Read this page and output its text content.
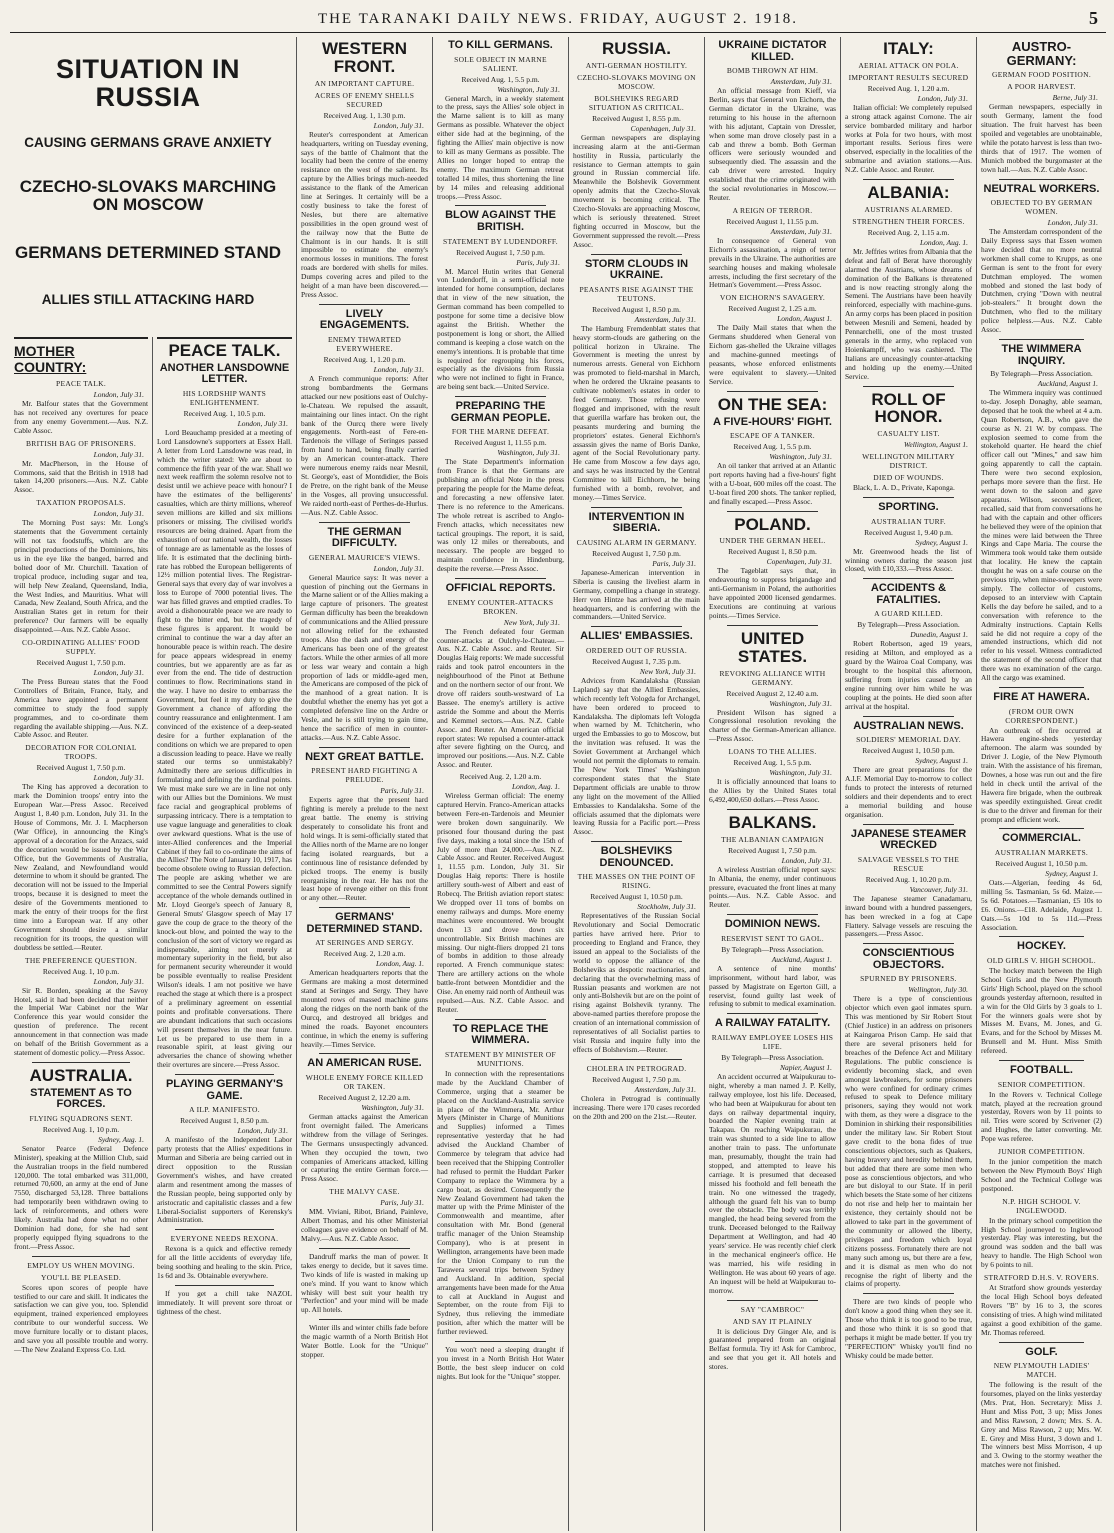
THE TARANAKI DAILY NEWS. FRIDAY, AUGUST 2. 1918.	5
SITUATION IN RUSSIA
CAUSING GERMANS GRAVE ANXIETY
CZECHO-SLOVAKS MARCHING ON MOSCOW
GERMANS DETERMINED STAND
ALLIES STILL ATTACKING HARD
MOTHER COUNTRY:
PEACE TALK.
London, July 31.

Mr. Balfour states that the Government has not received any overtures for peace from any enemy Government.—Aus. N.Z. Cable Assoc.

BRITISH BAG OF PRISONERS.
London, July 31.

Mr. MacPherson, in the House of Commons, said that the British in 1918 had taken 14,200 prisoners.—Aus. N.Z. Cable Assoc.

TAXATION PROPOSALS.
London, July 31.

The Morning Post says: Mr. Long's statements that the Government certainly will not tax foodstuffs, which are the principal productions of the Dominions, hits us in the eye like the banged, barred and bolted door of Mr. Churchill. Taxation of tropical produce, including sugar and tea, will help New Zealand, Queensland, India, the West Indies, and Mauritius. What will Canada, New Zealand, South Africa, and the Australian States get in return for their preference? Our farmers will be equally disappointed.—Aus. N.Z. Cable Assoc.

CO-ORDINATING ALLIES' FOOD SUPPLY.
Received August 1, 7.50 p.m.
London, July 31.

The Press Bureau states that the Food Controllers of Britain, France, Italy, and America have appointed a permanent committee to study the food supply programmes, and to co-ordinate them regarding the available shipping.—Aus. N.Z. Cable Assoc. and Reuter.

DECORATION FOR COLONIAL TROOPS.
Received August 1, 7.50 p.m.
London, July 31.

The King has approved a decoration to mark the Dominion troops' entry into the European War.—Press Assoc. Received August 1, 8.40 p.m. London, July 31. In the House of Commons, Mr. J. I. Macpherson (War Office), in announcing the King's approval of a decoration for the Anzacs, said the decoration would be issued by the War Office, but the Governments of Australia, New Zealand, and Newfoundland would determine to whom it should be granted. The decoration will not be issued to the Imperial troops, because it is designed to meet the desire of the Governments mentioned to mark the entry of their troops for the first time into a European war. If any other Government should desire a similar recognition for its troops, the question will doubtless be settled.—Reuter.

THE PREFERENCE QUESTION.
Received Aug. 1, 10 p.m.
London, July 31.

Sir R. Borden, speaking at the Savoy Hotel, said it had been decided that neither the Imperial War Cabinet nor the War Conference this year would consider the question of preference. The recent announcement in that connection was made on behalf of the British Government as a statement of domestic policy.—Press Assoc.

AUSTRALIA.
STATEMENT AS TO FORCES.
FLYING SQUADRONS SENT.
Received Aug. 1, 10 p.m.
Sydney, Aug. 1.

Senator Pearce (Federal Defence Minister), speaking at the Million Club, said the Australian troops in the field numbered 120,000. The total embarked was 311,000, returned 70,600, an army at the end of June 7550, discharged 53,128. Three battalions had temporarily been withdrawn owing to lack of reinforcements, and others were likely. Australia had done what no other Dominion had done, for she had sent properly equipped flying squadrons to the front.—Press Assoc.

EMPLOY US WHEN MOVING.
YOU'LL BE PLEASED.

Scores upon scores of people have testified to our care and skill. It indicates the satisfaction we can give you, too. Splendid equipment, trained experienced employees contribute to our wonderful success. We move furniture locally or to distant places, and save you all possible trouble and worry.—The New Zealand Express Co. Ltd.

PEACE TALK.
ANOTHER LANSDOWNE LETTER.
HIS LORDSHIP WANTS ENLIGHTENMENT.
Received Aug. 1, 10.5 p.m.
London, July 31.

Lord Beauchamp presided at a meeting of Lord Lansdowne's supporters at Essex Hall. A letter from Lord Lansdowne was read, in which the writer stated: We are about to commence the fifth year of the war. Shall we next week reaffirm the solemn resolve not to desist until we achieve peace with honour? I have the estimates of the belligerents' casualties, which are thirty millions, whereof seven millions are killed and six millions prisoners or missing. The civilised world's resources are being drained. Apart from the exhaustion of our national wealth, the losses of tonnage are as lamentable as the losses of life. It is estimated that the declining birth-rate has robbed the European belligerents of 12½ million potential lives. The Registrar-General says that every day of war involves a loss to Europe of 7000 potential lives. The war has filled graves and emptied cradles. To avoid a dishonourable peace we are ready to fight to the bitter end, but the tragedy of these figures is apparent. It would be criminal to continue the war a day after an honourable peace is within reach. The desire for peace appears widespread in enemy countries, but we apparently are as far as ever from the end. The tide of destruction continues to flow. Recriminations stand in the way. I have no desire to embarrass the Government, but feel it my duty to give the Government a chance of affording the country reassurance and enlightenment. I am convinced of the existence of a deep-seated desire for a further explanation of the conditions on which we are prepared to open a discussion leading to peace. Have we really stated our terms so unmistakably? Admittedly there are serious difficulties in formulating and defining the cardinal points. We must make sure we are in line not only with our Allies but the Dominions. We must face racial and geographical problems of surpassing intricacy. There is a temptation to use vague language and generalities to cloak over awkward questions. What is the use of inter-Allied conferences and the Imperial Cabinet if they fail to co-ordinate the aims of the Allies? The Note of January 10, 1917, has become obsolete owing to Russian defection. The people are asking whether we are committed to see the Central Powers signify acceptance of the whole demands outlined in Mr. Lloyd George's speech of January 8, General Smuts' Glasgow speech of May 17 gave the coup de grace to the theory of the knock-out blow, and pointed the way to the conclusion of the sort of victory we regard as indispensable, aiming not merely at momentary superiority in the field, but also for permanent security whereunder it would be possible eventually to realise President Wilson's ideals. I am not positive we have reached the stage at which there is a prospect of a preliminary agreement on essential points and profitable conversations. There are abundant indications that such occasions will present themselves in the near future. Let us be prepared to use them in a reasonable spirit, at least giving our adversaries the chance of showing whether their overtures are sincere.—Press Assoc.

PLAYING GERMANY'S GAME.
A ILP. MANIFESTO.
Received August 1, 8.50 p.m.
London, July 31.

A manifesto of the Independent Labor party protests that the Allies' expeditions in Murman and Siberia are being carried out in direct opposition to the Russian Government's wishes, and have created alarm and resentment among the masses of the Russian people, being supported only by aristocratic and capitalistic classes and a few Liberal-Socialist supporters of Kerensky's Administration.

EVERYONE NEEDS REXONA.

Rexona is a quick and effective remedy for all the little accidents of everyday life, being soothing and healing to the skin. Price, 1s 6d and 3s. Obtainable everywhere.

If you get a chill take NAZOL immediately. It will prevent sore throat or tightness of the chest.

WESTERN FRONT.
AN IMPORTANT CAPTURE.
ACRES OF ENEMY SHELLS SECURED
Received Aug. 1, 1.30 p.m.
London, July 31.

Reuter's correspondent at American headquarters, writing on Tuesday evening, says of the battle of Chalmont that the locality had been the centre of the enemy resistance on the west of the salient. Its capture by the Allies brings much-needed assistance to the flank of the American line at Seringes. It certainly will be a costly business to take the forest of Nesles, but there are alternative possibilities in the open ground west of the railway now that the Butte de Chalmont is in our hands. It is still impossible to estimate the enemy's enormous losses in munitions. The forest roads are bordered with shells for miles. Dumps covering acres and piled to the height of a man have been discovered.—Press Assoc.

LIVELY ENGAGEMENTS.
ENEMY THWARTED EVERYWHERE.
Received Aug. 1, 1.20 p.m.
London, July 31.

A French communique reports: After strong bombardments the Germans attacked our new positions east of Oulchy-le-Chateau. We repulsed the assault, maintaining our lines intact. On the right bank of the Ourcq there were lively engagements. North-east of Fere-en-Tardenois the village of Seringes passed from hand to hand, being finally carried by an American counter-attack. There were numerous enemy raids near Mesnil, St. George's, east of Montdidier, the Bois de Pretre, on the right bank of the Meuse in the Vosges, all proving unsuccessful. We raided north-east of Perthes-de-Hurlus.—Aus. N.Z. Cable Assoc.

THE GERMAN DIFFICULTY.
GENERAL MAURICE'S VIEWS.
London, July 31.

General Maurice says: It was never a question of pinching out the Germans in the Marne salient or of the Allies making a large capture of prisoners. The greatest German difficulty has been the breakdown of communications and the Allied pressure not allowing relief for the exhausted troops. Also the dash and energy of the Americans has been one of the greatest factors. While the other armies of all more or less war weary and contain a high proportion of lads or middle-aged men, the Americans are composed of the pick of the manhood of a great nation. It is doubtful whether the enemy has yet got a completed defensive line on the Ardre or Vesle, and he is still trying to gain time, hence the sacrifice of men in counter-attacks.—Aus. N.Z. Cable Assoc.

NEXT GREAT BATTLE.
PRESENT HARD FIGHTING A PRELUDE.
Paris, July 31.

Experts agree that the present hard fighting is merely a prelude to the next great battle. The enemy is striving desperately to consolidate his front and hold wings. It is semi-officially stated that the Allies north of the Marne are no longer facing isolated rearguards, but a continuous line of resistance defended by picked troops. The enemy is busily reorganising in the rear. He has not the least hope of revenge either on this front or any other.—Reuter.

GERMANS' DETERMINED STAND.
AT SERINGES AND SERGY.
Received Aug. 2, 1.20 a.m.
London, Aug. 1.

American headquarters reports that the Germans are making a most determined stand at Seringes and Sergy. They have mounted rows of massed machine guns along the ridges on the north bank of the Ourcq, and destroyed all bridges and mined the roads. Bayonet encounters continue, in which the enemy is suffering heavily.—Times Service.

AN AMERICAN RUSE.
WHOLE ENEMY FORCE KILLED OR TAKEN.
Received August 2, 12.20 a.m.
Washington, July 31.

German attacks against the American front overnight failed. The Americans withdrew from the village of Seringes. The Germans unsuspectingly advanced. When they occupied the town, two companies of Americans attacked, killing or capturing the entire German force.—Press Assoc.

THE MALVY CASE.
Paris, July 31.

MM. Viviani, Ribot, Briand, Painleve, Albert Thomas, and his other Ministerial colleagues gave evidence on behalf of M. Malvy.—Aus. N.Z. Cable Assoc.

Dandruff marks the man of power. It takes energy to decide, but it saves time. Two kinds of life is wasted in making up one's mind. If you want to know which whisky will best suit your health try "Perfection" and your mind will be made up. All hotels.

Winter ills and winter chills fade before the magic warmth of a North British Hot Water Bottle. Look for the "Unique" stopper.

TO KILL GERMANS.
SOLE OBJECT IN MARNE SALIENT.
Received Aug. 1, 5.5 p.m.
Washington, July 31.

General March, in a weekly statement to the press, says the Allies' sole object in the Marne salient is to kill as many Germans as possible. Whatever the object either side had at the beginning, of the fighting the Allies' main objective is now to kill as many Germans as possible. The Allies no longer hoped to entrap the enemy. The maximum German retreat totalled 14 miles, thus shortening the line by 14 miles and releasing additional troops.—Press Assoc.

BLOW AGAINST THE BRITISH.
STATEMENT BY LUDENDORFF.
Received August 1, 7.50 p.m.
Paris, July 31.

M. Marcel Hutin writes that General von Ludendorff, in a semi-official note intended for home consumption, declares that in view of the new situation, the German command has been compelled to postpone for some time a decisive blow against the British. Whether the postponement is long or short, the Allied command is keeping a close watch on the enemy's intentions. It is probable that time is required for regrouping his forces, especially as the divisions from Russia who were not inclined to fight in France, are being sent back.—United Service.

PREPARING THE GERMAN PEOPLE.
FOR THE MARNE DEFEAT.
Received August 1, 11.55 p.m.
Washington, July 31.

The State Department's information from France is that the Germans are publishing an official Note in the press preparing the people for the Marne defeat, and forecasting a new offensive later. There is no reference to the Americans. The whole retreat is ascribed to Anglo-French attacks, which necessitates new tactical groupings. The report, it is said, was only 12 miles or thereabouts, and necessary. The people are begged to maintain confidence in Hindenburg, despite the reverse.—Press Assoc.

OFFICIAL REPORTS.
ENEMY COUNTER-ATTACKS BROKEN.
New York, July 31.

The French defeated four German counter-attacks at Oulchy-le-Chateau.—Aus. N.Z. Cable Assoc. and Reuter. Sir Douglas Haig reports: We made successful raids and took patrol encounters in the neighbourhood of the Pinot at Bethune and on the northern sector of our front. We drove off raiders south-westward of La Bassee. The enemy's artillery is active astride the Somme and about the Merris and Kemmel sectors.—Aus. N.Z. Cable Assoc. and Reuter. An American official report states: We repulsed a counter-attack after severe fighting on the Ourcq, and improved our positions.—Aus. N.Z. Cable Assoc. and Reuter.

Received Aug. 2, 1.20 a.m.
London, Aug. 1.

Wireless German official: The enemy captured Hervin. Franco-American attacks between Fere-en-Tardenois and Meunier were broken down sanguinarily. We prisoned four thousand during the past five days, making a total since the 15th of July of more than 24,000.—Aus. N.Z. Cable Assoc. and Reuter. Received August 1, 11.55 p.m. London, July 31. Sir Douglas Haig reports: There is hostile artillery south-west of Albert and east of Robecq. The British aviation report states: We dropped over 11 tons of bombs on enemy railways and dumps. More enemy machines were encountered. We brought down 13 and drove down six uncontrollable. Six British machines are missing. Our night-fliers dropped 21 tons of bombs in addition to those already reported. A French communique states: There are artillery actions on the whole battle-front between Montdidier and the Oise. An enemy raid north of Antheuil was repulsed.—Aus. N.Z. Cable Assoc. and Reuter.

TO REPLACE THE WIMMERA.
STATEMENT BY MINISTER OF MUNITIONS.

In connection with the representations made by the Auckland Chamber of Commerce, urging that a steamer be placed on the Auckland-Australia service in place of the Wimmera, Mr. Arthur Myers (Minister in Charge of Munitions and Supplies) informed a Times representative yesterday that he had advised the Auckland Chamber of Commerce by telegram that advice had been received that the Shipping Controller had refused to permit the Huddart Parker Company to replace the Wimmera by a cargo boat, as desired. Consequently the New Zealand Government had taken the matter up with the Prime Minister of the Commonwealth and meantime, after consultation with Mr. Bond (general traffic manager of the Union Steamship Company), who is at present in Wellington, arrangements have been made for the Union Company to run the Tarawera several trips between Sydney and Auckland. In addition, special arrangements have been made for the Atua to call at Auckland in August and September, on the route from Fiji to Sydney, thus relieving the immediate position, after which the matter will be further reviewed.

You won't need a sleeping draught if you invest in a North British Hot Water Bottle, the best sleep inducer on cold nights. But look for the "Unique" stopper.

RUSSIA.
ANTI-GERMAN HOSTILITY.
CZECHO-SLOVAKS MOVING ON MOSCOW.
BOLSHEVIKS REGARD SITUATION AS CRITICAL.
Received August 1, 8.55 p.m.
Copenhagen, July 31.

German newspapers are displaying increasing alarm at the anti-German hostility in Russia, particularly the resistance to German attempts to gain ground in Russian commercial life. Meanwhile the Bolshevik Government openly admits that the Czecho-Slovak movement is becoming critical. The Czecho-Slovaks are approaching Moscow, which is seriously threatened. Street fighting occurred in Moscow, but the Government suppressed the revolt.—Press Assoc.

STORM CLOUDS IN UKRAINE.
PEASANTS RISE AGAINST THE TEUTONS.
Received August 1, 8.50 p.m.
Amsterdam, July 31.

The Hamburg Fremdenblatt states that heavy storm-clouds are gathering on the political horizon in Ukraine. The Government is meeting the unrest by numerous arrests. General von Eichhorn was promoted to field-marshal in March, when he ordered the Ukraine peasants to cultivate noblemen's estates in order to feed Germany. Those refusing were flogged and imprisoned, with the result that guerilla warfare has broken out, the peasants murdering and burning the proprietors' estates. General Eichhorn's assassin gives the name of Boris Danke, agent of the Social Revolutionary party. He came from Moscow a few days ago, and says he was instructed by the Central Committee to kill Eichhorn, he being furnished with a bomb, revolver, and money.—Times Service.

INTERVENTION IN SIBERIA.
CAUSING ALARM IN GERMANY.
Received August 1, 7.50 p.m.
Paris, July 31.

Japanese-American intervention in Siberia is causing the liveliest alarm in Germany, compelling a change in strategy. Herr von Hintze has arrived at the main headquarters, and is conferring with the commanders.—United Service.

ALLIES' EMBASSIES.
ORDERED OUT OF RUSSIA.
Received August 1, 7.35 p.m.
New York, July 31.

Advices from Kandalaksha (Russian Lapland) say that the Allied Embassies, which recently left Vologda for Archangel, have been ordered to proceed to Kandalaksha. The diplomats left Vologda when warned by M. Tchitcherin, who urged the Embassies to go to Moscow, but the invitation was refused. It was the Soviet Government at Archangel which would not permit the diplomats to remain. The New York Times' Washington correspondent states that the State Department officials are unable to throw any light on the movement of the Allied Embassies to Kandalaksha. Some of the officials assumed that the diplomats were leaving Russia for a Pacific port.—Press Assoc.

BOLSHEVIKS DENOUNCED.
THE MASSES ON THE POINT OF RISING.
Received August 1, 10.50 p.m.
Stockholm, July 31.

Representatives of the Russian Social Revolutionary and Social Democratic parties have arrived here. Prior to proceeding to England and France, they issued an appeal to the Socialists of the world to oppose the alliance of the Bolsheviks as despotic reactionaries, and declaring that the overwhelming mass of Russian peasants and workmen are not only anti-Bolshevik but are on the point of rising against Bolshevik tyranny. The above-named parties therefore propose the creation of an international commission of representatives of all Socialist parties to visit Russia and inquire fully into the effects of Bolshevism.—Reuter.

CHOLERA IN PETROGRAD.
Received August 1, 7.50 p.m.
Amsterdam, July 31.

Cholera in Petrograd is continually increasing. There were 170 cases recorded on the 20th and 200 on the 21st.—Reuter.

UKRAINE DICTATOR KILLED.
BOMB THROWN AT HIM.
Amsterdam, July 31.

An official message from Kieff, via Berlin, says that General von Eichorn, the German dictator in the Ukraine, was returning to his house in the afternoon with his adjutant, Captain von Dressler, when some man drove closely past in a cab and threw a bomb. Both German officers were seriously wounded and subsequently died. The assassin and the cab driver were arrested. Inquiry established that the crime originated with the social revolutionaries in Moscow.—Reuter.

A REIGN OF TERROR.
Received August 1, 11.55 p.m.
Amsterdam, July 31.

In consequence of General von Eichorn's assassination, a reign of terror prevails in the Ukraine. The authorities are searching houses and making wholesale arrests, including the first secretary of the Hetman's Government.—Press Assoc.

VON EICHORN'S SAVAGERY.
Received August 2, 1.25 a.m.
London, August 1.

The Daily Mail states that when the Germans shuddered when General von Eichorn gas-shelled the Ukraine villages and machine-gunned meetings of peasants, whose enforced enlistments were equivalent to slavery.—United Service.

ON THE SEA:
A FIVE-HOURS' FIGHT.
ESCAPE OF A TANKER.
Received Aug. 1, 5.5 p.m.
Washington, July 31.

An oil tanker that arrived at an Atlantic port reports having had a five-hours' fight with a U-boat, 600 miles off the coast. The U-boat fired 200 shots. The tanker replied, and finally escaped.—Press Assoc.

POLAND.
UNDER THE GERMAN HEEL.
Received August 1, 8.50 p.m.
Copenhagen, July 31.

The Tageblatt says that, in endeavouring to suppress brigandage and anti-Germanism in Poland, the authorities have appointed 2000 licensed gendarmes. Executions are continuing at various points.—Times Service.

UNITED STATES.
REVOKING ALLIANCE WITH GERMANY.
Received August 2, 12.40 a.m.
Washington, July 31.

President Wilson has signed a Congressional resolution revoking the charter of the German-American alliance.—Press Assoc.

LOANS TO THE ALLIES.
Received Aug. 1, 5.5 p.m.
Washington, July 31.

It is officially announced that loans to the Allies by the United States total 6,492,400,650 dollars.—Press Assoc.

BALKANS.
THE ALBANIAN CAMPAIGN
Received August 1, 7.50 p.m.
London, July 31.

A wireless Austrian official report says: In Albania, the enemy, under continuous pressure, evacuated the front lines at many points.—Aus. N.Z. Cable Assoc. and Reuter.

DOMINION NEWS.
RESERVIST SENT TO GAOL.
By Telegraph—Press Association.
Auckland, August 1.

A sentence of nine months' imprisonment, without hard labor, was passed by Magistrate on Egerton Gill, a reservist, found guilty last week of refusing to submit to medical examination.

A RAILWAY FATALITY.
RAILWAY EMPLOYEE LOSES HIS LIFE.
By Telegraph—Press Association.
Napier, August 1.

An accident occurred at Waipukurau to-night, whereby a man named J. P. Kelly, railway employee, lost his life. Deceased, who had been at Waipukurau for about ten days on railway departmental inquiry, boarded the Napier evening train at Takapau. On reaching Waipukurau, the train was shunted to a side line to allow another train to pass. The unfortunate man, presumably, thought the train had stopped, and attempted to leave his carriage. It is presumed that deceased missed his foothold and fell beneath the train. No one witnessed the tragedy, although the guard felt his van to bump over the obstacle. The body was terribly mangled, the head being severed from the trunk. Deceased belonged to the Railway Department at Wellington, and had 40 years' service. He was recently chief clerk in the mechanical engineer's office. He was married, his wife residing in Wellington. He was about 60 years of age. An inquest will be held at Waipukurau to-morrow.

SAY "CAMBROC"
AND SAY IT PLAINLY

It is delicious Dry Ginger Ale, and is guaranteed prepared from an original Belfast formula. Try it! Ask for Cambroc, and see that you get it. All hotels and stores.

ITALY:
AERIAL ATTACK ON POLA.
IMPORTANT RESULTS SECURED
Received Aug. 1, 1.20 a.m.
London, July 31.

Italian official: We completely repulsed a strong attack against Cornone. The air service bombarded military and harbor works at Pola for two hours, with most important results. Serious fires were observed, especially in the localities of the submarine and aviation stations.—Aus. N.Z. Cable Assoc. and Reuter.

ALBANIA:
AUSTRIANS ALARMED.
STRENGTHEN THEIR FORCES.
Received Aug. 2, 1.15 a.m.
London, Aug. 1.

Mr. Jeffries writes from Albania that the defeat and fall of Berat have thoroughly alarmed the Austrians, whose dreams of domination of the Balkans is threatened and is now reacting strongly along the Semeni. The Austrians have been heavily reinforced, especially with machine-guns. An army corps has been placed in position between Mesnili and Semeni, headed by Pennarchelli, one of the most trusted generals in the army, who replaced von Hoienkampff, who was cashiered. The Italians are unceasingly counter-attacking and holding up the enemy.—United Service.

ROLL OF HONOR.
CASUALTY LIST.
Wellington, August 1.
WELLINGTON MILITARY DISTRICT.
DIED OF WOUNDS.

Black, L. A. D., Private, Kaponga.

SPORTING.
AUSTRALIAN TURF.
Received August 1, 9.40 p.m.
Sydney, August 1.

Mr. Greenwood heads the list of winning owners during the season just closed, with £10,333.—Press Assoc.

ACCIDENTS & FATALITIES.
A GUARD KILLED.
By Telegraph—Press Association.
Dunedin, August 1.

Robert Robertson, aged 19 years, residing at Milton, and employed as a guard by the Wairoa Coal Company, was brought to the hospital this afternoon, suffering from injuries caused by an engine running over him while he was coupling at the points. He died soon after arrival at the hospital.

AUSTRALIAN NEWS.
SOLDIERS' MEMORIAL DAY.
Received August 1, 10.50 p.m.
Sydney, August 1.

There are great preparations for the A.I.F. Memorial Day to-morrow to collect funds to protect the interests of returned soldiers and their dependents and to erect a memorial building and house organisation.

JAPANESE STEAMER WRECKED
SALVAGE VESSELS TO THE RESCUE
Received Aug. 1, 10.20 p.m.
Vancouver, July 31.

The Japanese steamer Canadamaru, inward bound with a hundred passengers, has been wrecked in a fog at Cape Flattery. Salvage vessels are rescuing the passengers.—Press Assoc.

CONSCIENTIOUS OBJECTORS.
SPURNED BY PRISONERS.
Wellington, July 30.

There is a type of conscientious objector which even gaol inmates spurn. This was mentioned by Sir Robert Stout (Chief Justice) in an address on prisoners at Kaingaroa Prison Camp. He said that there are several prisoners held for breaches of the Defence Act and Military Regulations. The public conscience is evidently becoming slack, and even amongst lawbreakers, for some prisoners who were confined for ordinary crimes refused to speak to Defence military prisoners, saying they would not work with them, as they were a disgrace to the Dominion in shirking their responsibilities under the military law. Sir Robert Stout gave credit to the bona fides of true conscientious objectors, such as Quakers, having bravery and heredity behind them, but added that there are some men who pose as conscientious objectors, and who are but disloyal to our State. If in peril which besets the State some of her citizens do not rise and help her to maintain her existence, they certainly should not be allowed to take part in the government of the community or allowed the liberty, privileges and freedom which loyal citizens possess. Fortunately there are not many such among us, but there are a few, and it is dismal as men who do not recognise the right of liberty and the claims of property.

There are two kinds of people who don't know a good thing when they see it. Those who think it is too good to be true, and those who think it is so good that perhaps it might be made better. If you try "PERFECTION" Whisky you'll find no Whisky could be made better.

AUSTRO-GERMANY:
GERMAN FOOD POSITION.
A POOR HARVEST.
Berne, July 31.

German newspapers, especially in south Germany, lament the food situation. The fruit harvest has been spoiled and vegetables are unobtainable, while the potato harvest is less than two-thirds that of 1917. The women of Munich mobbed the burgomaster at the town hall.—Aus. N.Z. Cable Assoc.

NEUTRAL WORKERS.
OBJECTED TO BY GERMAN WOMEN.
London, July 31.

The Amsterdam correspondent of the Daily Express says that Essen women have decided that no more neutral workmen shall come to Krupps, as one German is sent to the front for every Dutchman employed. The women mobbed and stoned the last body of Dutchmen, crying "Down with neutral job-stealers." It brought down the Dutchmen, who fled to the military police helpless.—Aus. N.Z. Cable Assoc.

THE WIMMERA INQUIRY.
By Telegraph—Press Association.
Auckland, August 1.

The Wimmera inquiry was continued to-day. Joseph Donaghy, able seaman, deposed that he took the wheel at 4 a.m. Quan Robertson, A.B., who gave the course as N. 21 W. by compass. The explosion seemed to come from the stokehold quarter. He heard the chief officer call out "Mines," and saw him going apparently to call the captain. There were two second explosion, perhaps more severe than the first. He went down to the saloon and gave apparatus. Wilson, second officer, recalled, said that from conversations he had with the captain and other officers he believed they were of the opinion that the mines were laid between the Three Kings and Cape Maria. The course the Wimmera took would take them outside that locality. He knew the captain thought he was on a safe course on the previous trip, when mine-sweepers were simply. The collector of customs, deposed to an interview with Captain Kells the day before he sailed, and to a conversation with reference to the Admiralty instructions. Captain Kells said he did not require a copy of the amended instructions, which did not refer to his vessel. Witness contradicted the statement of the second officer that there was no examination of the cargo. All the cargo was examined.

FIRE AT HAWERA.
(FROM OUR OWN CORRESPONDENT.)

An outbreak of fire occurred at Hawera engine-sheds yesterday afternoon. The alarm was sounded by Driver J. Logie, of the New Plymouth train. With the assistance of his fireman, Downes, a hose was run out and the fire held in check until the arrival of the Hawera fire brigade, when the outbreak was speedily extinguished. Great credit is due to the driver and fireman for their prompt and efficient work.

COMMERCIAL.
AUSTRALIAN MARKETS.
Received August 1, 10.50 p.m.
Sydney, August 1.

Oats.—Algerian, feeding 4s 6d, milling 5s. Tasmanian, 5s 6d. Maize.—5s 6d. Potatoes.—Tasmanian, £5 10s to £6. Onions.—£18. Adelaide, August 1. Oats.—5s 10d to 5s 11d.—Press Association.

HOCKEY.
OLD GIRLS V. HIGH SCHOOL.

The hockey match between the High School Girls and the New Plymouth Girls' High School, played on the school grounds yesterday afternoon, resulted in a win for the Old Girls by 3 goals to 1. For the winners goals were shot by Misses M. Evans, M. Jones, and G. Evans, and for the School by Misses M. Brunsell and M. Hunt. Miss Smith refereed.

FOOTBALL.
SENIOR COMPETITION.

In the Rovers v. Technical College match, played at the recreation ground yesterday, Rovers won by 11 points to nil. Tries were scored by Scrivener (2) and Hughes, the latter converting. Mr. Pope was referee.

JUNIOR COMPETITION.

In the junior competition the match between the New Plymouth Boys' High School and the Technical College was postponed.

N.P. HIGH SCHOOL V. INGLEWOOD.

In the primary school competition the High School journeyed to Inglewood yesterday. Play was interesting, but the ground was sodden and the ball was heavy to handle. The High School won by 6 points to nil.

STRATFORD D.H.S. V. ROVERS.

At Stratford show grounds yesterday the local High School boys defeated Rovers "B" by 16 to 3, the scores consisting of tries. A high wind militated against a good exhibition of the game. Mr. Thomas refereed.

GOLF.
NEW PLYMOUTH LADIES' MATCH.

The following is the result of the foursomes, played on the links yesterday (Mrs. Prat, Hon. Secretary): Miss J. Hunt and Miss Pott, 3 up; Miss Jones and Miss Rawson, 2 down; Mrs. S. A. Grey and Miss Rawson, 2 up; Mrs. W. E. Grey and Miss Hurst, 3 down and 1. The winners best Miss Morrison, 4 up and 3. Owing to the stormy weather the matches were not finished.
